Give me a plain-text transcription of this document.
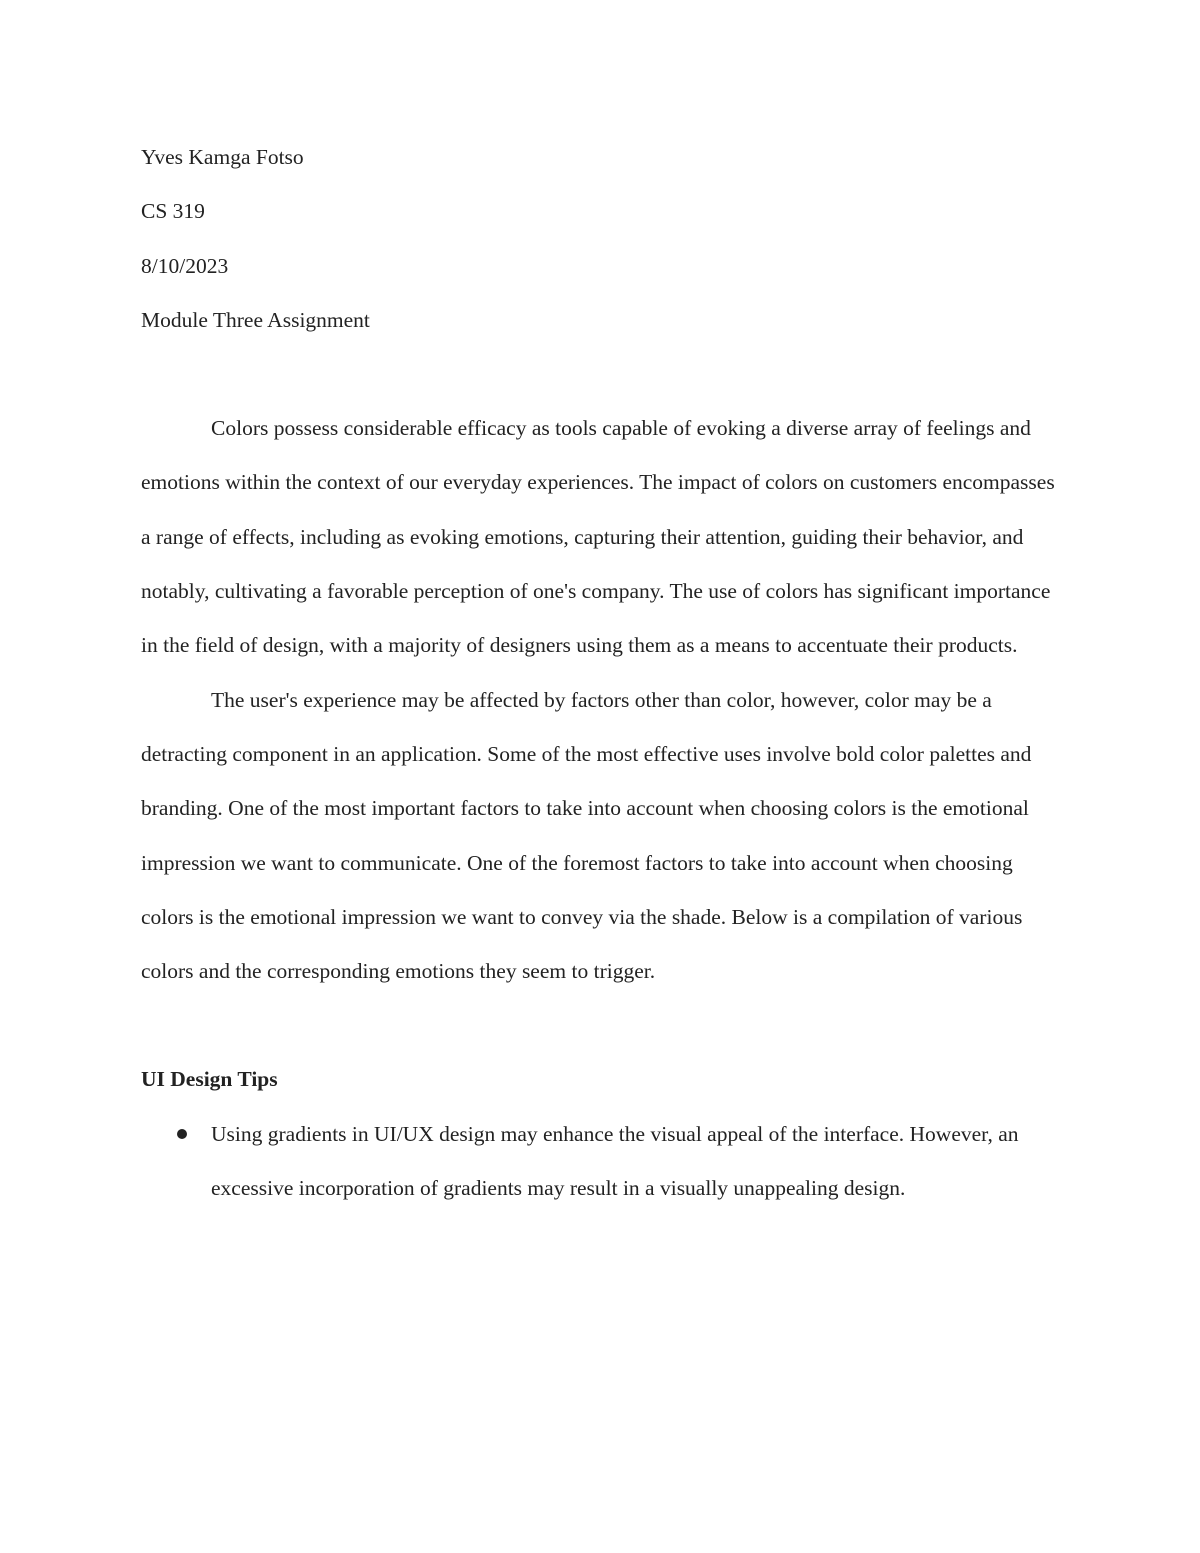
Yves Kamga Fotso

CS 319

8/10/2023

Module Three Assignment

Colors possess considerable efficacy as tools capable of evoking a diverse array of feelings and emotions within the context of our everyday experiences. The impact of colors on customers encompasses a range of effects, including as evoking emotions, capturing their attention, guiding their behavior, and notably, cultivating a favorable perception of one's company. The use of colors has significant importance in the field of design, with a majority of designers using them as a means to accentuate their products.

The user's experience may be affected by factors other than color, however, color may be a detracting component in an application. Some of the most effective uses involve bold color palettes and branding. One of the most important factors to take into account when choosing colors is the emotional impression we want to communicate. One of the foremost factors to take into account when choosing colors is the emotional impression we want to convey via the shade. Below is a compilation of various colors and the corresponding emotions they seem to trigger.

UI Design Tips

Using gradients in UI/UX design may enhance the visual appeal of the interface. However, an excessive incorporation of gradients may result in a visually unappealing design.
